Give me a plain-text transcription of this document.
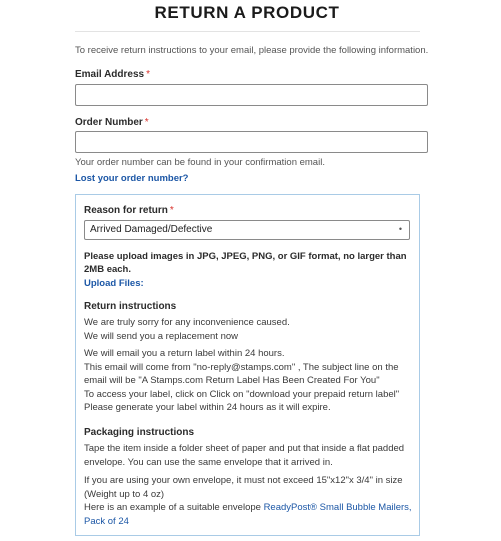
RETURN A PRODUCT
To receive return instructions to your email, please provide the following information.
Email Address *
Order Number *
Your order number can be found in your confirmation email.
Lost your order number?
Reason for return *
Arrived Damaged/Defective	•
Please upload images in JPG, JPEG, PNG, or GIF format, no larger than 2MB each.
Upload Files:
Return instructions
We are truly sorry for any inconvenience caused.
We will send you a replacement now
We will email you a return label within 24 hours.
This email will come from "no-reply@stamps.com" , The subject line on the
email will be "A Stamps.com Return Label Has Been Created For You"
To access your label, click on Click on "download your prepaid return label"
Please generate your label within 24 hours as it will expire.
Packaging instructions
Tape the item inside a folder sheet of paper and put that inside a flat padded
envelope. You can use the same envelope that it arrived in.
If you are using your own envelope, it must not exceed 15"x12"x 3/4" in size
(Weight up to 4 oz)
Here is an example of a suitable envelope ReadyPost® Small Bubble Mailers,
Pack of 24
